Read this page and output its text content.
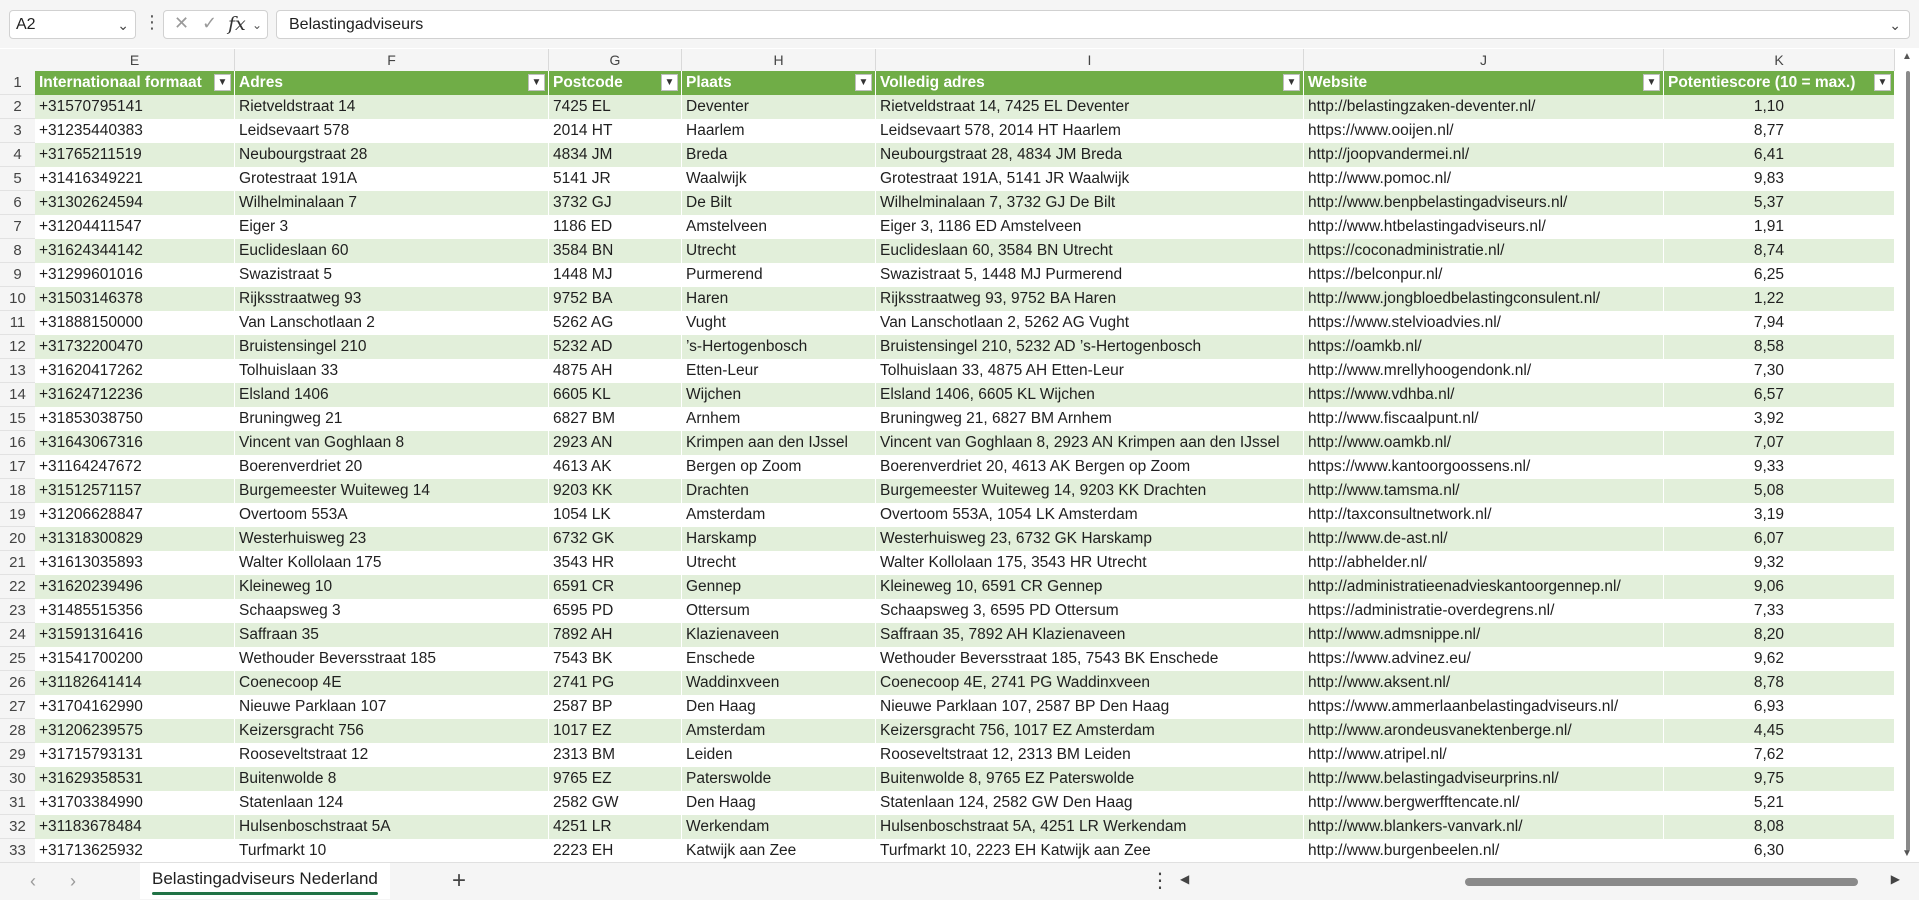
A2	⌄ ⋮ ✕ ✓ fx ⌄	Belastingadviseurs	⌄
E	F	G	H	I	J	K
1	Internationaal formaat	▼ Adres	▼ Postcode	▼ Plaats	▼ Volledig adres	▼ Website	▼ Potentiescore (10 = max.)	▼
2	+31570795141	Rietveldstraat 14	7425 EL	Deventer	Rietveldstraat 14, 7425 EL Deventer	http://belastingzaken-deventer.nl/	1,10
3	+31235440383	Leidsevaart 578	2014 HT	Haarlem	Leidsevaart 578, 2014 HT Haarlem	https://www.ooijen.nl/	8,77
4	+31765211519	Neubourgstraat 28	4834 JM	Breda	Neubourgstraat 28, 4834 JM Breda	http://joopvandermei.nl/	6,41
5	+31416349221	Grotestraat 191A	5141 JR	Waalwijk	Grotestraat 191A, 5141 JR Waalwijk	http://www.pomoc.nl/	9,83
6	+31302624594	Wilhelminalaan 7	3732 GJ	De Bilt	Wilhelminalaan 7, 3732 GJ De Bilt	http://www.benpbelastingadviseurs.nl/	5,37
7	+31204411547	Eiger 3	1186 ED	Amstelveen	Eiger 3, 1186 ED Amstelveen	http://www.htbelastingadviseurs.nl/	1,91
8	+31624344142	Euclideslaan 60	3584 BN	Utrecht	Euclideslaan 60, 3584 BN Utrecht	https://coconadministratie.nl/	8,74
9	+31299601016	Swazistraat 5	1448 MJ	Purmerend	Swazistraat 5, 1448 MJ Purmerend	https://belconpur.nl/	6,25
10 +31503146378	Rijksstraatweg 93	9752 BA	Haren	Rijksstraatweg 93, 9752 BA Haren	http://www.jongbloedbelastingconsulent.nl/	1,22
11 +31888150000	Van Lanschotlaan 2	5262 AG	Vught	Van Lanschotlaan 2, 5262 AG Vught	https://www.stelvioadvies.nl/	7,94
12 +31732200470	Bruistensingel 210	5232 AD	’s-Hertogenbosch	Bruistensingel 210, 5232 AD ’s-Hertogenbosch	https://oamkb.nl/	8,58
13 +31620417262	Tolhuislaan 33	4875 AH	Etten-Leur	Tolhuislaan 33, 4875 AH Etten-Leur	http://www.mrellyhoogendonk.nl/	7,30
14 +31624712236	Elsland 1406	6605 KL	Wijchen	Elsland 1406, 6605 KL Wijchen	https://www.vdhba.nl/	6,57
15 +31853038750	Bruningweg 21	6827 BM	Arnhem	Bruningweg 21, 6827 BM Arnhem	http://www.fiscaalpunt.nl/	3,92
16 +31643067316	Vincent van Goghlaan 8	2923 AN	Krimpen aan den IJssel	Vincent van Goghlaan 8, 2923 AN Krimpen aan den IJssel	http://www.oamkb.nl/	7,07
17 +31164247672	Boerenverdriet 20	4613 AK	Bergen op Zoom	Boerenverdriet 20, 4613 AK Bergen op Zoom	https://www.kantoorgoossens.nl/	9,33
18 +31512571157	Burgemeester Wuiteweg 14	9203 KK	Drachten	Burgemeester Wuiteweg 14, 9203 KK Drachten	http://www.tamsma.nl/	5,08
19 +31206628847	Overtoom 553A	1054 LK	Amsterdam	Overtoom 553A, 1054 LK Amsterdam	http://taxconsultnetwork.nl/	3,19
20 +31318300829	Westerhuisweg 23	6732 GK	Harskamp	Westerhuisweg 23, 6732 GK Harskamp	http://www.de-ast.nl/	6,07
21 +31613035893	Walter Kollolaan 175	3543 HR	Utrecht	Walter Kollolaan 175, 3543 HR Utrecht	http://abhelder.nl/	9,32
22 +31620239496	Kleineweg 10	6591 CR	Gennep	Kleineweg 10, 6591 CR Gennep	http://administratieenadvieskantoorgennep.nl/	9,06
23 +31485515356	Schaapsweg 3	6595 PD	Ottersum	Schaapsweg 3, 6595 PD Ottersum	https://administratie-overdegrens.nl/	7,33
24 +31591316416	Saffraan 35	7892 AH	Klazienaveen	Saffraan 35, 7892 AH Klazienaveen	http://www.admsnippe.nl/	8,20
25 +31541700200	Wethouder Beversstraat 185	7543 BK	Enschede	Wethouder Beversstraat 185, 7543 BK Enschede	https://www.advinez.eu/	9,62
26 +31182641414	Coenecoop 4E	2741 PG	Waddinxveen	Coenecoop 4E, 2741 PG Waddinxveen	http://www.aksent.nl/	8,78
27 +31704162990	Nieuwe Parklaan 107	2587 BP	Den Haag	Nieuwe Parklaan 107, 2587 BP Den Haag	https://www.ammerlaanbelastingadviseurs.nl/	6,93
28 +31206239575	Keizersgracht 756	1017 EZ	Amsterdam	Keizersgracht 756, 1017 EZ Amsterdam	http://www.arondeusvanektenberge.nl/	4,45
29 +31715793131	Rooseveltstraat 12	2313 BM	Leiden	Rooseveltstraat 12, 2313 BM Leiden	http://www.atripel.nl/	7,62
30 +31629358531	Buitenwolde 8	9765 EZ	Paterswolde	Buitenwolde 8, 9765 EZ Paterswolde	http://www.belastingadviseurprins.nl/	9,75
31 +31703384990	Statenlaan 124	2582 GW	Den Haag	Statenlaan 124, 2582 GW Den Haag	http://www.bergwerfftencate.nl/	5,21
32 +31183678484	Hulsenboschstraat 5A	4251 LR	Werkendam	Hulsenboschstraat 5A, 4251 LR Werkendam	http://www.blankers-vanvark.nl/	8,08
33 +31713625932	Turfmarkt 10	2223 EH	Katwijk aan Zee	Turfmarkt 10, 2223 EH Katwijk aan Zee	http://www.burgenbeelen.nl/	6,30
▲
▼
‹ ›	Belastingadviseurs Nederland	+	⋮ ◀	▶
